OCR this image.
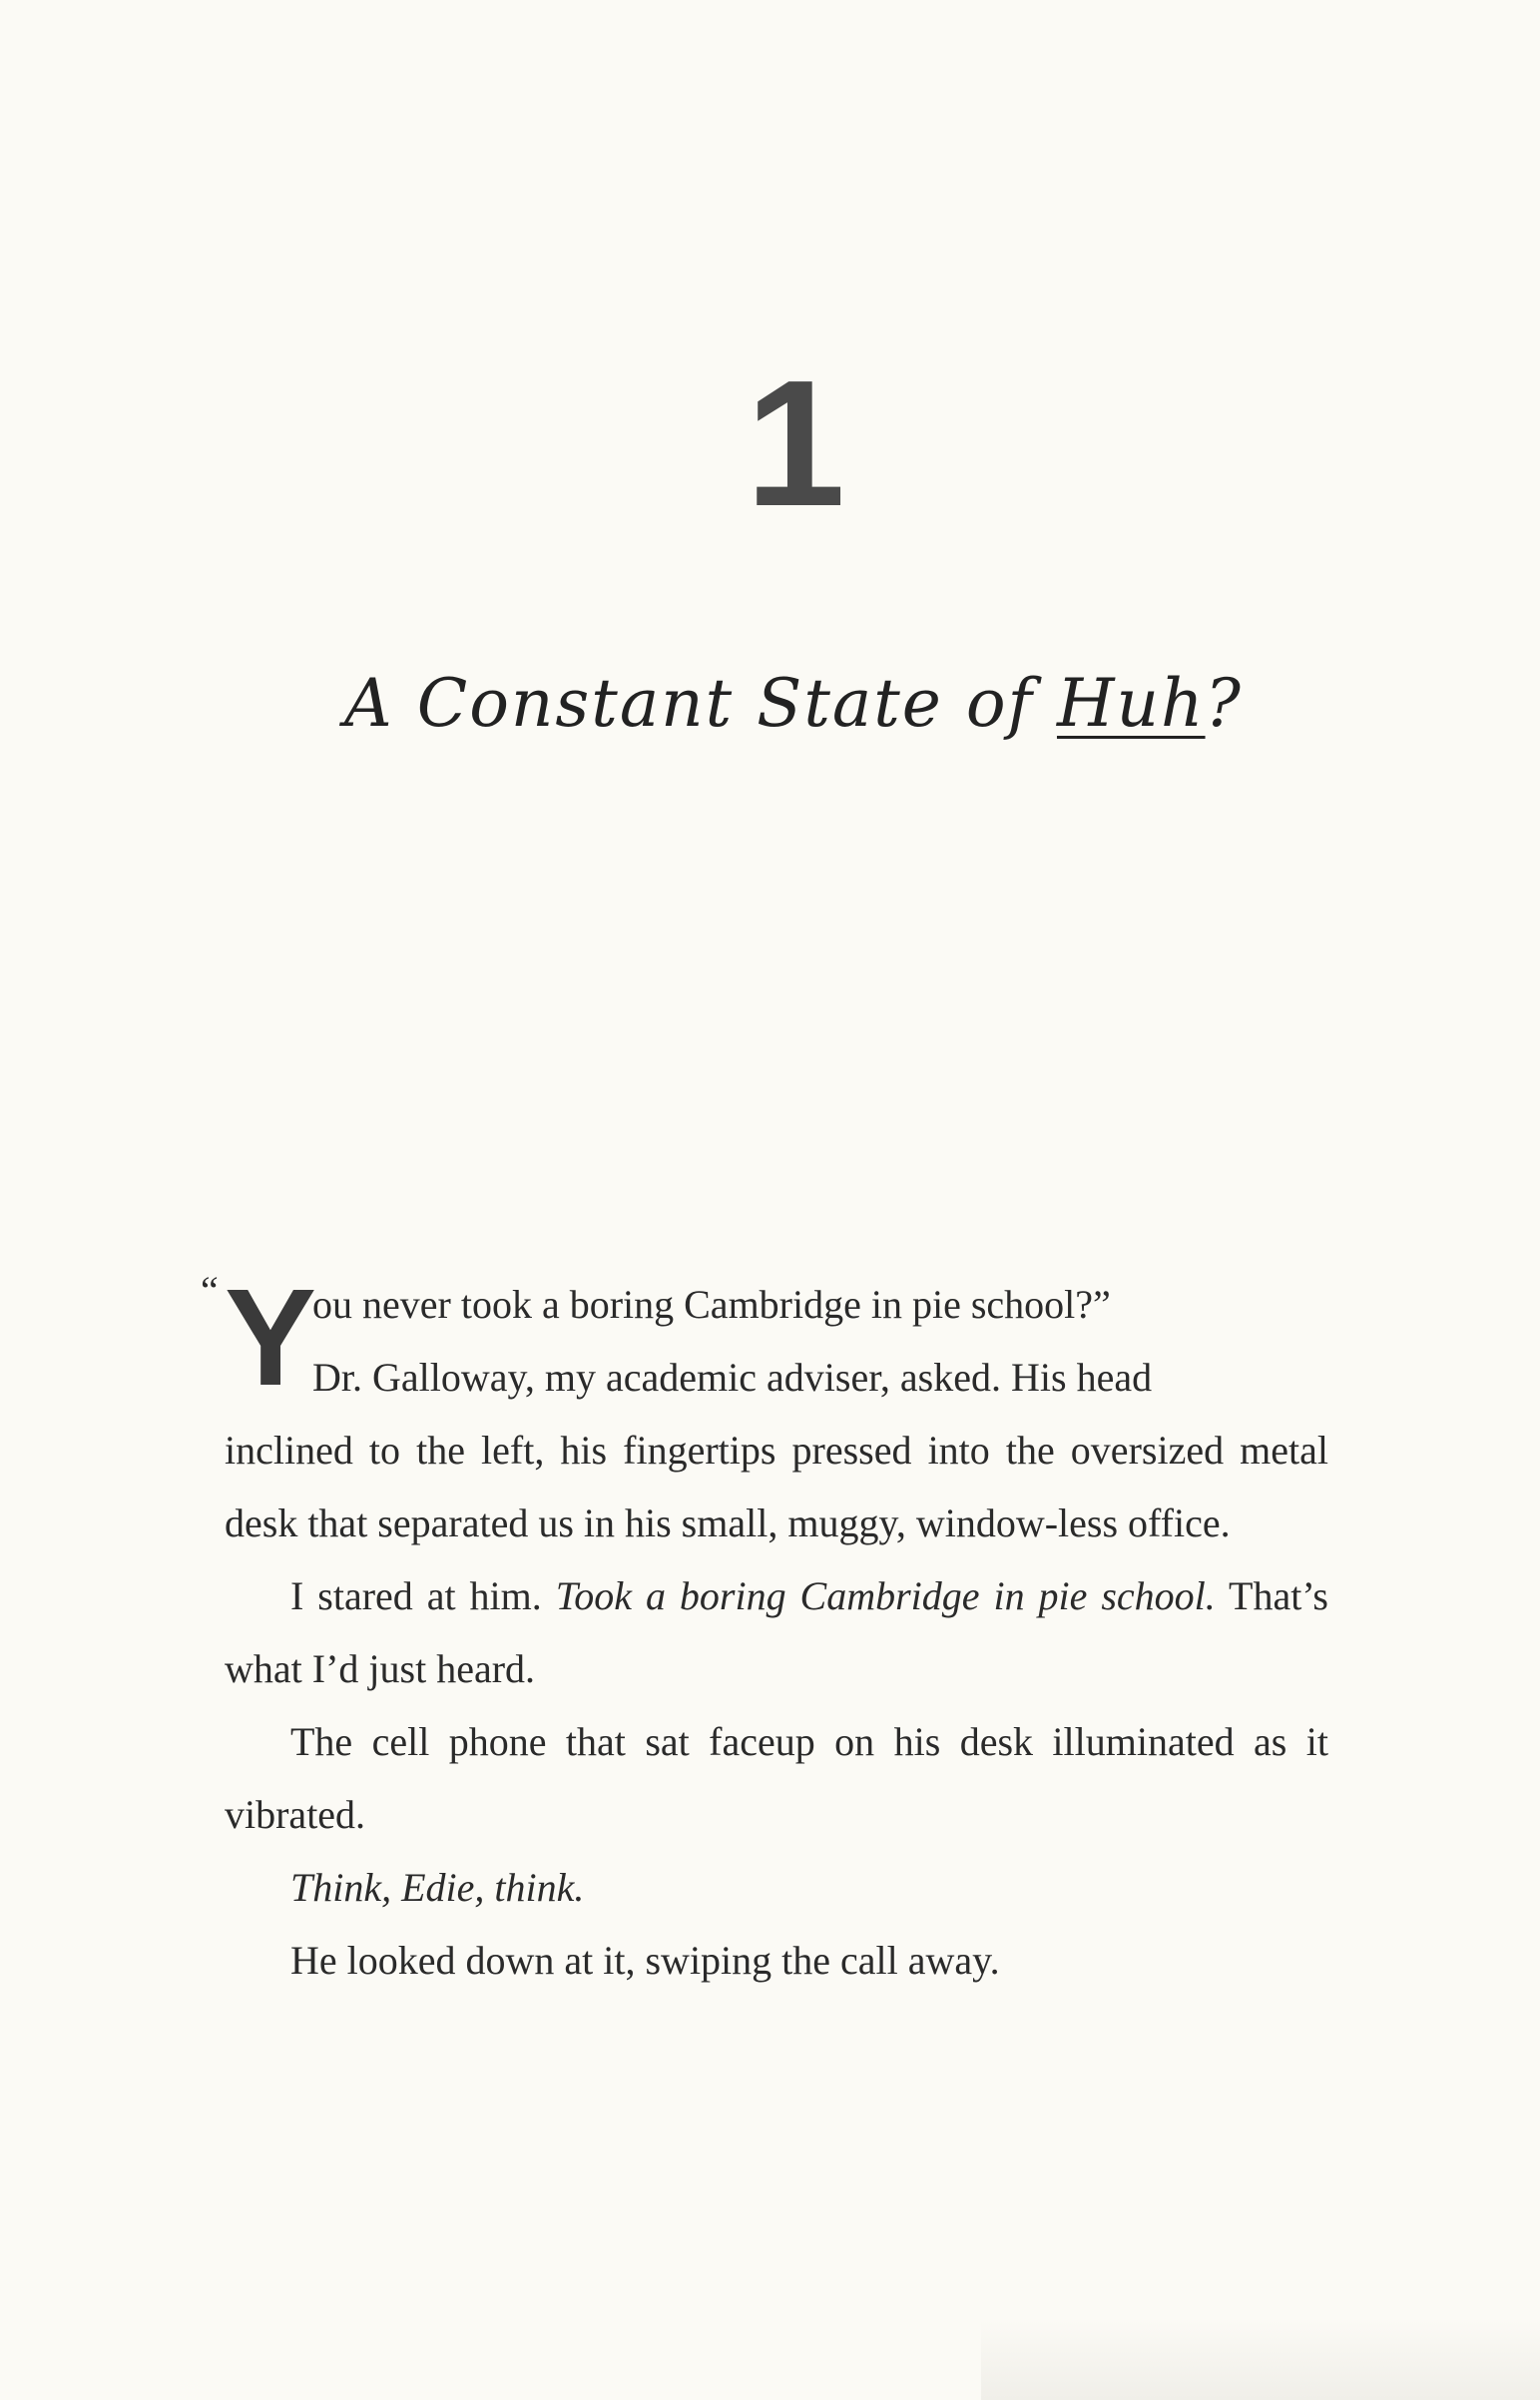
1
A Constant State of Huh?

“ Y
ou never took a boring Cambridge in pie school?”
Dr. Galloway, my academic adviser, asked. His head

inclined to the left, his fingertips pressed into the oversized metal desk that separated us in his small, muggy, window-less office.

I stared at him. Took a boring Cambridge in pie school. That’s what I’d just heard.

The cell phone that sat faceup on his desk illuminated as it vibrated.

Think, Edie, think.

He looked down at it, swiping the call away.
